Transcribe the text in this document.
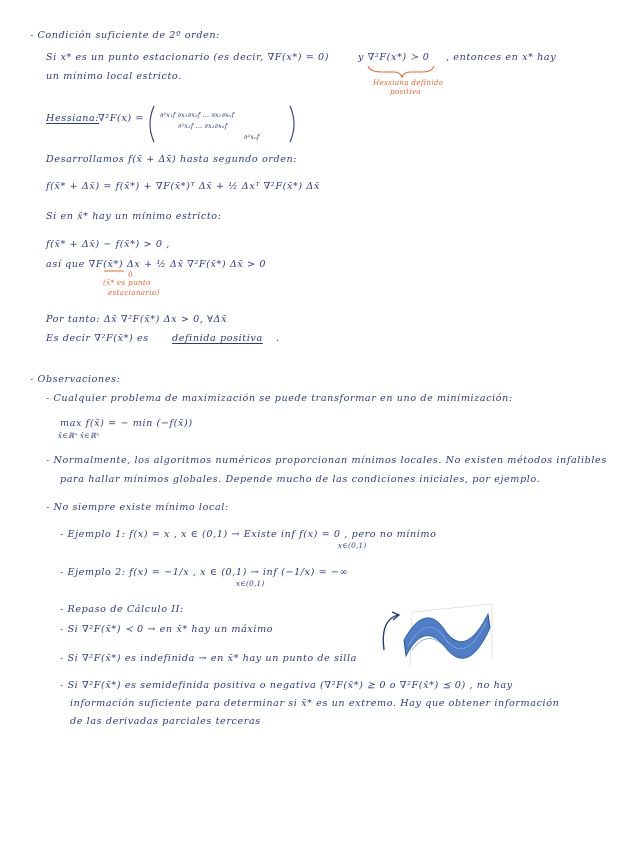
- Condición suficiente de 2º orden:
Si x* es un punto estacionario (es decir, ∇F(x*) = 0)	y ∇²F(x*) ≻ 0 , entonces en x* hay
un mínimo local estricto.
Hessiana definida
positiva
Hessiana:
∇²F(x) =	∂²x₁f ∂x₁∂x₂f ... ∂x₁∂xₙf
∂²x₂f ... ∂x₂∂xₙf
∂²xₙf
Desarrollamos f(x̄ + Δx̄) hasta segundo orden:
f(x̄* + Δx̄) = f(x̄*) + ∇F(x̄*)ᵀ Δx̄ + ½ Δxᵀ ∇²F(x̄*) Δx̄
Si en x̄* hay un mínimo estricto:
f(x̄* + Δx̄) − f(x̄*) > 0 ,
así que ∇F(x̄*) Δx + ½ Δx̄ ∇²F(x̄*) Δx̄ > 0
0
(x̄* es punto
estacionario)
Por tanto: Δx̄ ∇²F(x̄*) Δx > 0, ∀Δx̄
Es decir ∇²F(x̄*) es definida positiva .
- Observaciones:
- Cualquier problema de maximización se puede transformar en uno de minimización:
max f(x̄) = − min (−f(x̄))
x̄∈ℝⁿ x̄∈ℝⁿ
- Normalmente, los algoritmos numéricos proporcionan mínimos locales. No existen métodos infalibles
para hallar mínimos globales. Depende mucho de las condiciones iniciales, por ejemplo.
- No siempre existe mínimo local:
- Ejemplo 1: f(x) = x , x ∈ (0,1) → Existe inf f(x) = 0 , pero no mínimo
x∈(0,1)
- Ejemplo 2: f(x) = −1/x , x ∈ (0,1) → inf (−1/x) = −∞
x∈(0,1)
- Repaso de Cálculo II:
- Si ∇²F(x̄*) ≺ 0 → en x̄* hay un máximo
- Si ∇²F(x̄*) es indefinida → en x̄* hay un punto de silla
- Si ∇²F(x̄*) es semidefinida positiva o negativa (∇²F(x̄*) ⪰ 0 o ∇²F(x̄*) ⪯ 0) , no hay
información suficiente para determinar si x̄* es un extremo. Hay que obtener información
de las derivadas parciales terceras
